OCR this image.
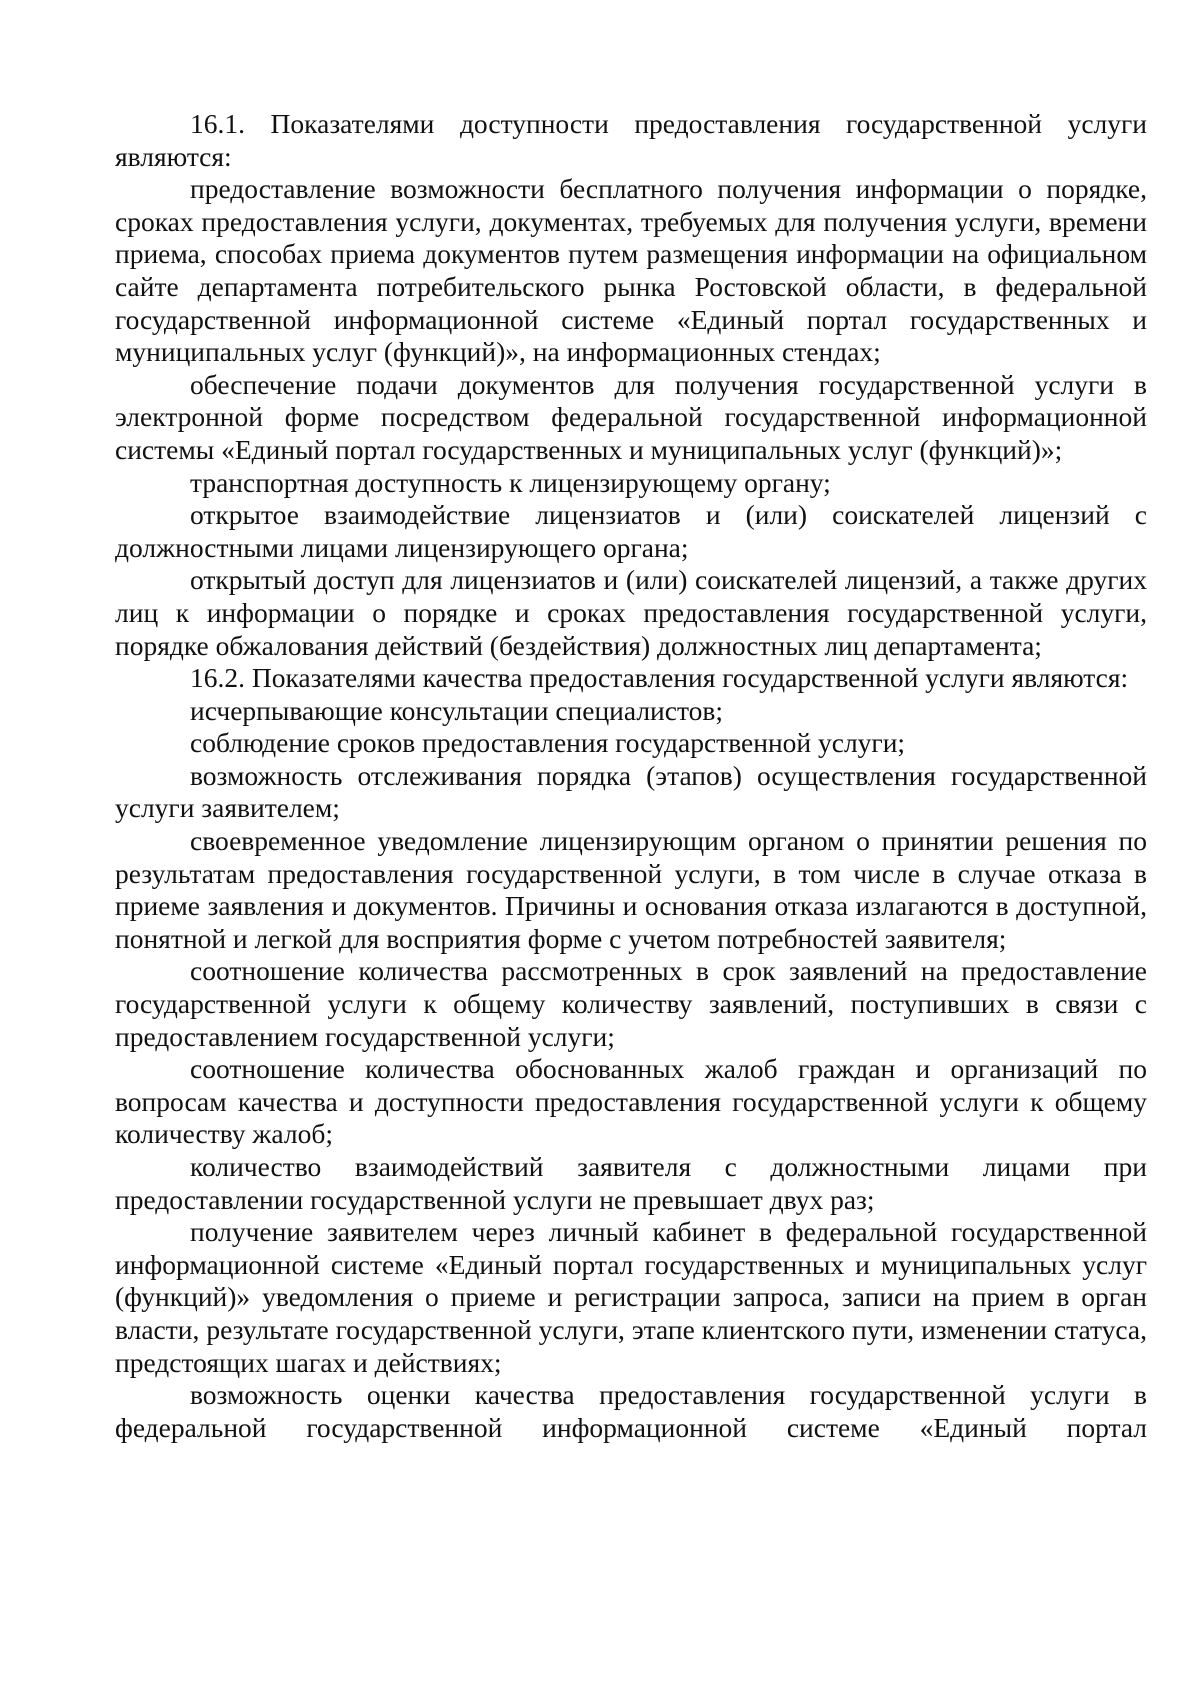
16.1. Показателями доступности предоставления государственной услуги являются:

предоставление возможности бесплатного получения информации о порядке, сроках предоставления услуги, документах, требуемых для получения услуги, времени приема, способах приема документов путем размещения информации на официальном сайте департамента потребительского рынка Ростовской области, в федеральной государственной информационной системе «Единый портал государственных и муниципальных услуг (функций)», на информационных стендах;

обеспечение подачи документов для получения государственной услуги в электронной форме посредством федеральной государственной информационной системы «Единый портал государственных и муниципальных услуг (функций)»;

транспортная доступность к лицензирующему органу;

открытое взаимодействие лицензиатов и (или) соискателей лицензий с должностными лицами лицензирующего органа;

открытый доступ для лицензиатов и (или) соискателей лицензий, а также других лиц к информации о порядке и сроках предоставления государственной услуги, порядке обжалования действий (бездействия) должностных лиц департамента;

16.2. Показателями качества предоставления государственной услуги являются:

исчерпывающие консультации специалистов;

соблюдение сроков предоставления государственной услуги;

возможность отслеживания порядка (этапов) осуществления государственной услуги заявителем;

своевременное уведомление лицензирующим органом о принятии решения по результатам предоставления государственной услуги, в том числе в случае отказа в приеме заявления и документов. Причины и основания отказа излагаются в доступной, понятной и легкой для восприятия форме с учетом потребностей заявителя;

соотношение количества рассмотренных в срок заявлений на предоставление государственной услуги к общему количеству заявлений, поступивших в связи с предоставлением государственной услуги;

соотношение количества обоснованных жалоб граждан и организаций по вопросам качества и доступности предоставления государственной услуги к общему количеству жалоб;

количество взаимодействий заявителя с должностными лицами при предоставлении государственной услуги не превышает двух раз;

получение заявителем через личный кабинет в федеральной государственной информационной системе «Единый портал государственных и муниципальных услуг (функций)» уведомления о приеме и регистрации запроса, записи на прием в орган власти, результате государственной услуги, этапе клиентского пути, изменении статуса, предстоящих шагах и действиях;

возможность оценки качества предоставления государственной услуги в федеральной государственной информационной системе «Единый портал
